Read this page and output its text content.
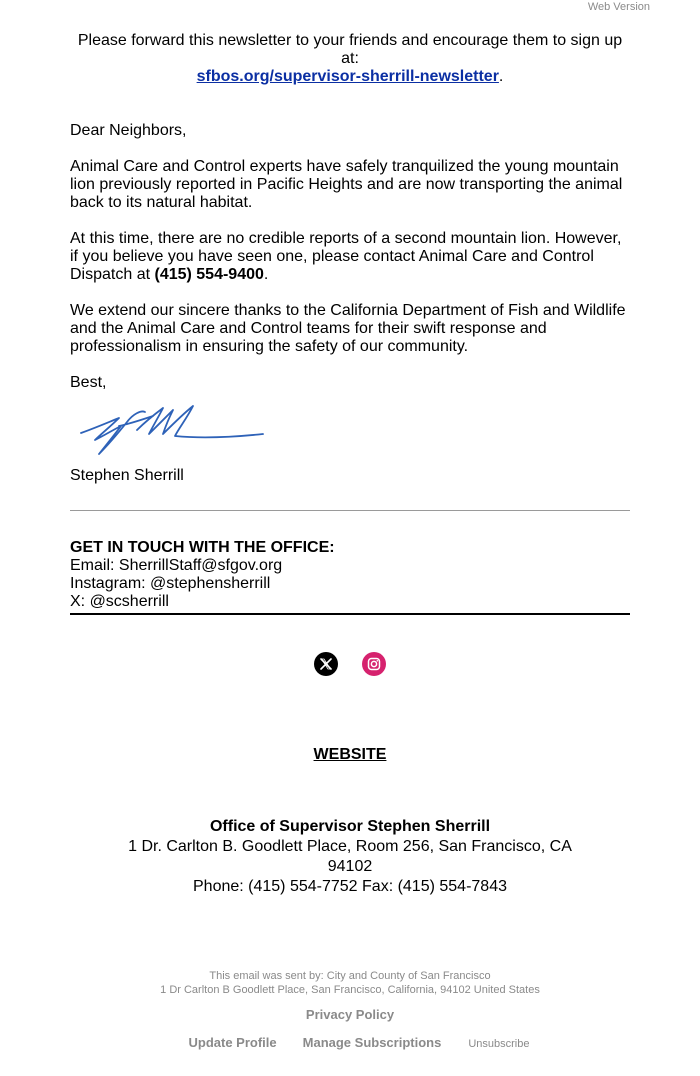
Web Version
Please forward this newsletter to your friends and encourage them to sign up at:
sfbos.org/supervisor-sherrill-newsletter.

Dear Neighbors,

Animal Care and Control experts have safely tranquilized the young mountain lion previously reported in Pacific Heights and are now transporting the animal back to its natural habitat.

At this time, there are no credible reports of a second mountain lion. However, if you believe you have seen one, please contact Animal Care and Control Dispatch at (415) 554-9400.

We extend our sincere thanks to the California Department of Fish and Wildlife and the Animal Care and Control teams for their swift response and professionalism in ensuring the safety of our community.

Best,

Stephen Sherrill
GET IN TOUCH WITH THE OFFICE:
Email: SherrillStaff@sfgov.org
Instagram: @stephensherrill
X: @scsherrill
WEBSITE
Office of Supervisor Stephen Sherrill
1 Dr. Carlton B. Goodlett Place, Room 256, San Francisco, CA 94102
Phone: (415) 554-7752 Fax: (415) 554-7843
This email was sent by: City and County of San Francisco
1 Dr Carlton B Goodlett Place, San Francisco, California, 94102 United States
Privacy Policy
Update Profile Manage Subscriptions Unsubscribe
